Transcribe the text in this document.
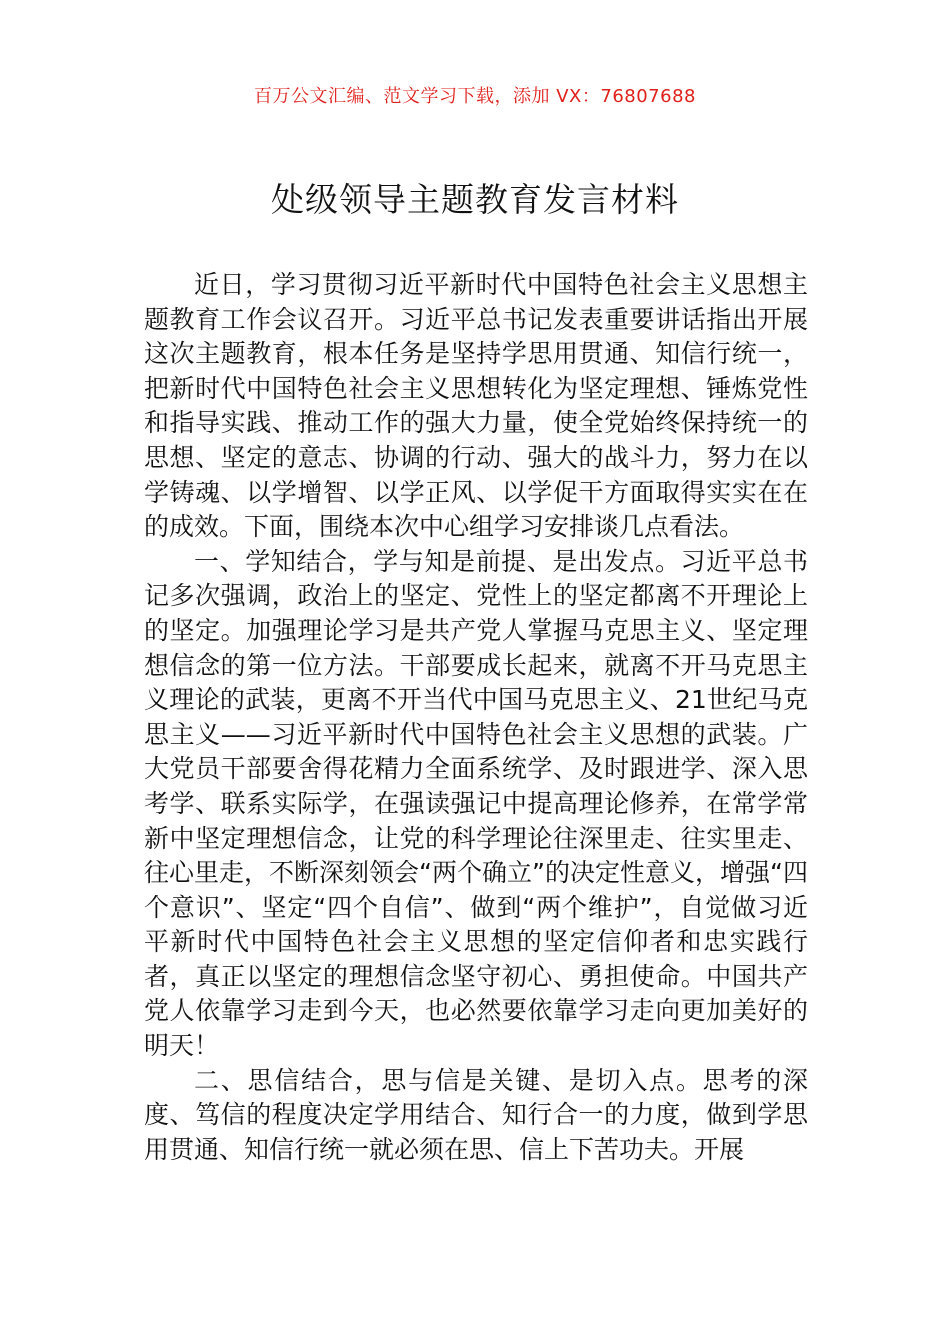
百万公文汇编、范文学习下载，添加 VX：76807688
处级领导主题教育发言材料

近日，学习贯彻习近平新时代中国特色社会主义思想主题教育工作会议召开。习近平总书记发表重要讲话指出开展这次主题教育，根本任务是坚持学思用贯通、知信行统一，把新时代中国特色社会主义思想转化为坚定理想、锤炼党性和指导实践、推动工作的强大力量，使全党始终保持统一的思想、坚定的意志、协调的行动、强大的战斗力，努力在以学铸魂、以学增智、以学正风、以学促干方面取得实实在在的成效。下面，围绕本次中心组学习安排谈几点看法。

一、学知结合，学与知是前提、是出发点。习近平总书记多次强调，政治上的坚定、党性上的坚定都离不开理论上的坚定。加强理论学习是共产党人掌握马克思主义、坚定理想信念的第一位方法。干部要成长起来，就离不开马克思主义理论的武装，更离不开当代中国马克思主义、21世纪马克思主义——习近平新时代中国特色社会主义思想的武装。广大党员干部要舍得花精力全面系统学、及时跟进学、深入思考学、联系实际学，在强读强记中提高理论修养，在常学常新中坚定理想信念，让党的科学理论往深里走、往实里走、往心里走，不断深刻领会“两个确立”的决定性意义，增强“四个意识”、坚定“四个自信”、做到“两个维护”，自觉做习近平新时代中国特色社会主义思想的坚定信仰者和忠实践行者，真正以坚定的理想信念坚守初心、勇担使命。中国共产党人依靠学习走到今天，也必然要依靠学习走向更加美好的明天！

二、思信结合，思与信是关键、是切入点。思考的深度、笃信的程度决定学用结合、知行合一的力度，做到学思用贯通、知信行统一就必须在思、信上下苦功夫。开展
